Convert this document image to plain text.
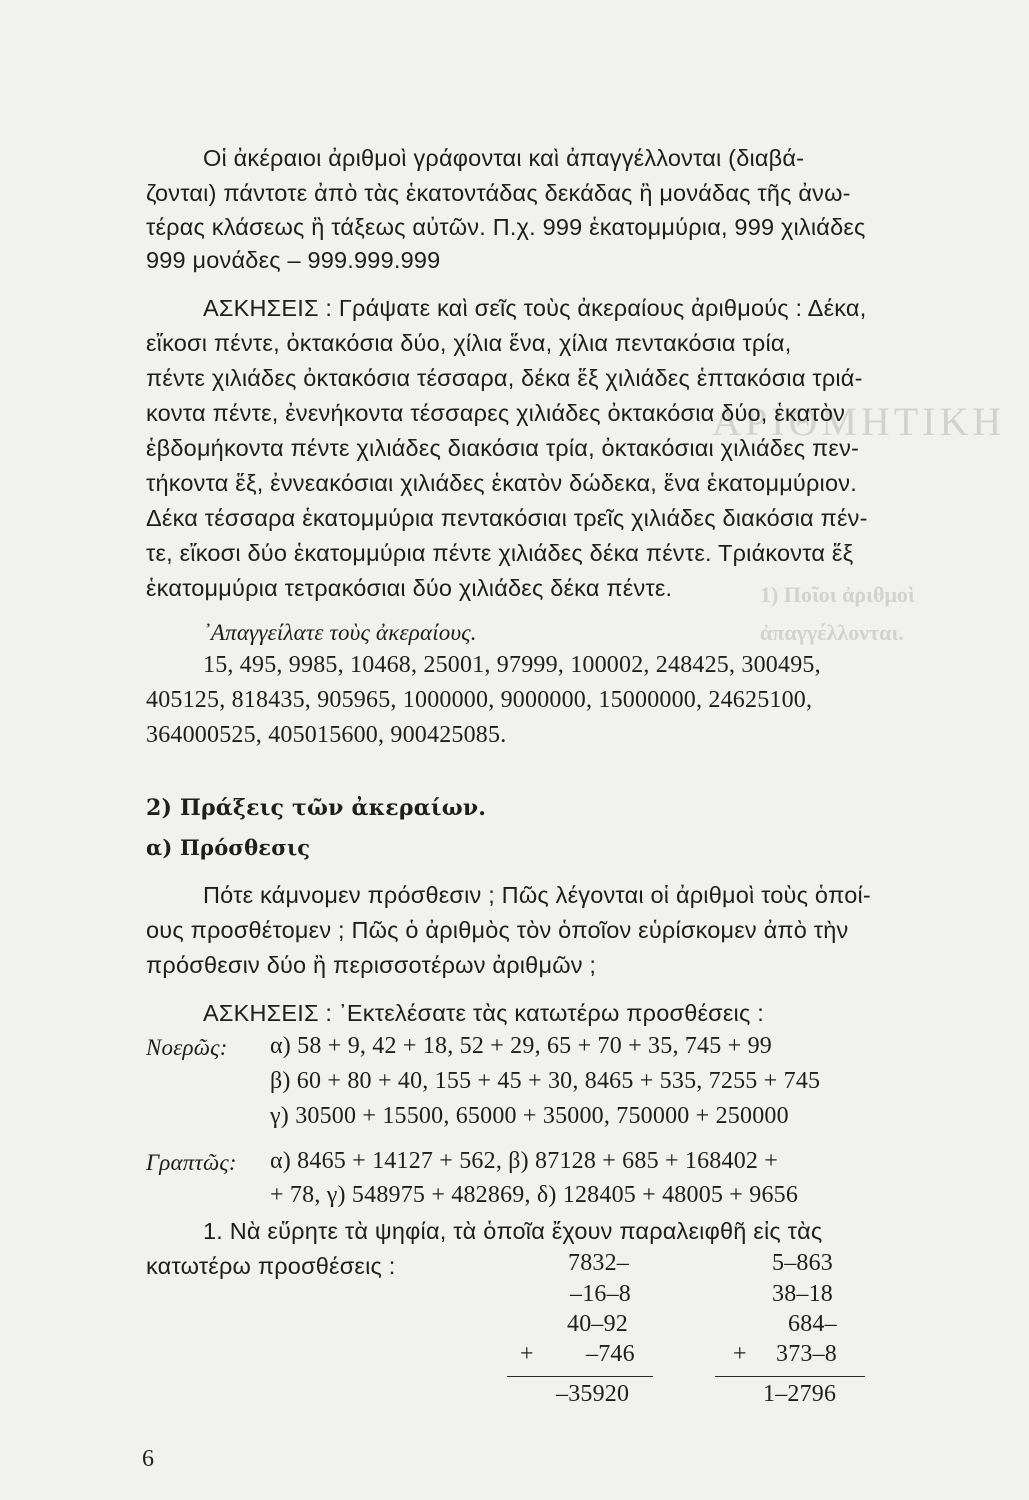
ΑΡΙΘΜΗΤΙΚΗ
1) Ποῖοι ἀριθμοὶ
ἀπαγγέλλονται.
Οἱ ἀκέραιοι ἀριθμοὶ γράφονται καὶ ἀπαγγέλλονται (διαβά-
ζονται) πάντοτε ἀπὸ τὰς ἑκατοντάδας δεκάδας ἢ μονάδας τῆς ἀνω-
τέρας κλάσεως ἢ τάξεως αὐτῶν. Π.χ. 999 ἑκατομμύρια, 999 χιλιάδες
999 μονάδες – 999.999.999
ΑΣΚΗΣΕΙΣ : Γράψατε καὶ σεῖς τοὺς ἀκεραίους ἀριθμούς : Δέκα,
εἴκοσι πέντε, ὀκτακόσια δύο, χίλια ἕνα, χίλια πεντακόσια τρία,
πέντε χιλιάδες ὀκτακόσια τέσσαρα, δέκα ἕξ χιλιάδες ἑπτακόσια τριά-
κοντα πέντε, ἐνενήκοντα τέσσαρες χιλιάδες ὀκτακόσια δύο, ἑκατὸν
ἑβδομήκοντα πέντε χιλιάδες διακόσια τρία, ὀκτακόσιαι χιλιάδες πεν-
τήκοντα ἕξ, ἐννεακόσιαι χιλιάδες ἑκατὸν δώδεκα, ἕνα ἑκατομμύριον.
Δέκα τέσσαρα ἑκατομμύρια πεντακόσιαι τρεῖς χιλιάδες διακόσια πέν-
τε, εἴκοσι δύο ἑκατομμύρια πέντε χιλιάδες δέκα πέντε. Τριάκοντα ἕξ
ἑκατομμύρια τετρακόσιαι δύο χιλιάδες δέκα πέντε.
᾿Απαγγείλατε τοὺς ἀκεραίους.
15, 495, 9985, 10468, 25001, 97999, 100002, 248425, 300495,
405125, 818435, 905965, 1000000, 9000000, 15000000, 24625100,
364000525, 405015600, 900425085.
2) Πράξεις τῶν ἀκεραίων.
α) Πρόσθεσις
Πότε κάμνομεν πρόσθεσιν ; Πῶς λέγονται οἱ ἀριθμοὶ τοὺς ὁποί-
ους προσθέτομεν ; Πῶς ὁ ἀριθμὸς τὸν ὁποῖον εὑρίσκομεν ἀπὸ τὴν
πρόσθεσιν δύο ἢ περισσοτέρων ἀριθμῶν ;
ΑΣΚΗΣΕΙΣ : ᾿Εκτελέσατε τὰς κατωτέρω προσθέσεις :
Νοερῶς: α) 58 + 9, 42 + 18, 52 + 29, 65 + 70 + 35, 745 + 99
β) 60 + 80 + 40, 155 + 45 + 30, 8465 + 535, 7255 + 745
γ) 30500 + 15500, 65000 + 35000, 750000 + 250000
Γραπτῶς: α) 8465 + 14127 + 562, β) 87128 + 685 + 168402 +
+ 78, γ) 548975 + 482869, δ) 128405 + 48005 + 9656
1. Νὰ εὕρητε τὰ ψηφία, τὰ ὁποῖα ἔχουν παραλειφθῆ εἰς τὰς
κατωτέρω προσθέσεις :	7832–
–16–8
40–92
+ –746
–35920
5–863
38–18
684–
+ 373–8
1–2796
6
